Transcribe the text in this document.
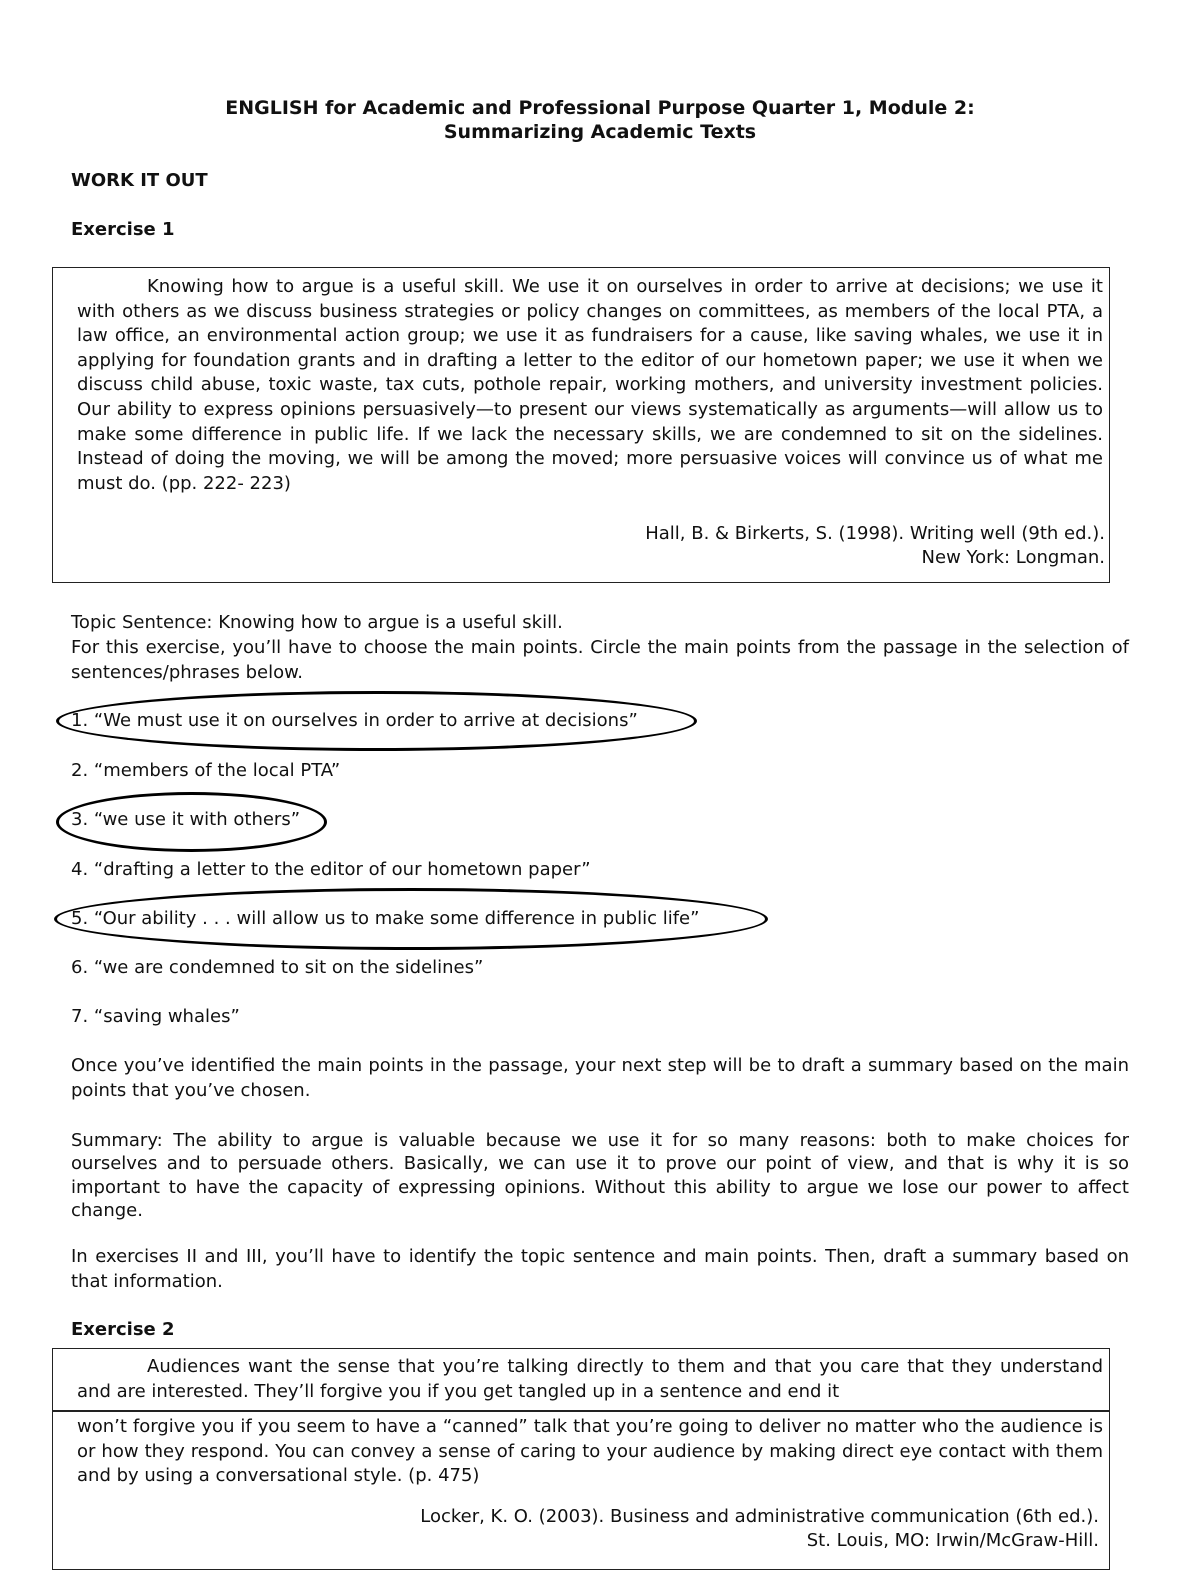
ENGLISH for Academic and Professional Purpose Quarter 1, Module 2:
Summarizing Academic Texts
WORK IT OUT
Exercise 1
Knowing how to argue is a useful skill. We use it on ourselves in order to arrive at decisions; we use it with others as we discuss business strategies or policy changes on committees, as members of the local PTA, a law office, an environmental action group; we use it as fundraisers for a cause, like saving whales, we use it in applying for foundation grants and in drafting a letter to the editor of our hometown paper; we use it when we discuss child abuse, toxic waste, tax cuts, pothole repair, working mothers, and university investment policies. Our ability to express opinions persuasively—to present our views systematically as arguments—will allow us to make some difference in public life. If we lack the necessary skills, we are condemned to sit on the sidelines. Instead of doing the moving, we will be among the moved; more persuasive voices will convince us of what me must do. (pp. 222- 223)
Hall, B. & Birkerts, S. (1998). Writing well (9th ed.).
New York: Longman.
Topic Sentence: Knowing how to argue is a useful skill.
For this exercise, you’ll have to choose the main points. Circle the main points from the passage in the selection of sentences/phrases below.
1. “We must use it on ourselves in order to arrive at decisions”
2. “members of the local PTA”
3. “we use it with others”
4. “drafting a letter to the editor of our hometown paper”
5. “Our ability . . . will allow us to make some difference in public life”
6. “we are condemned to sit on the sidelines”
7. “saving whales”
Once you’ve identified the main points in the passage, your next step will be to draft a summary based on the main points that you’ve chosen.
Summary: The ability to argue is valuable because we use it for so many reasons: both to make choices for ourselves and to persuade others. Basically, we can use it to prove our point of view, and that is why it is so important to have the capacity of expressing opinions. Without this ability to argue we lose our power to affect change.
In exercises II and III, you’ll have to identify the topic sentence and main points. Then, draft a summary based on that information.
Exercise 2
Audiences want the sense that you’re talking directly to them and that you care that they understand and are interested. They’ll forgive you if you get tangled up in a sentence and end it
won’t forgive you if you seem to have a “canned” talk that you’re going to deliver no matter who the audience is or how they respond. You can convey a sense of caring to your audience by making direct eye contact with them and by using a conversational style. (p. 475)
Locker, K. O. (2003). Business and administrative communication (6th ed.).
St. Louis, MO: Irwin/McGraw-Hill.
